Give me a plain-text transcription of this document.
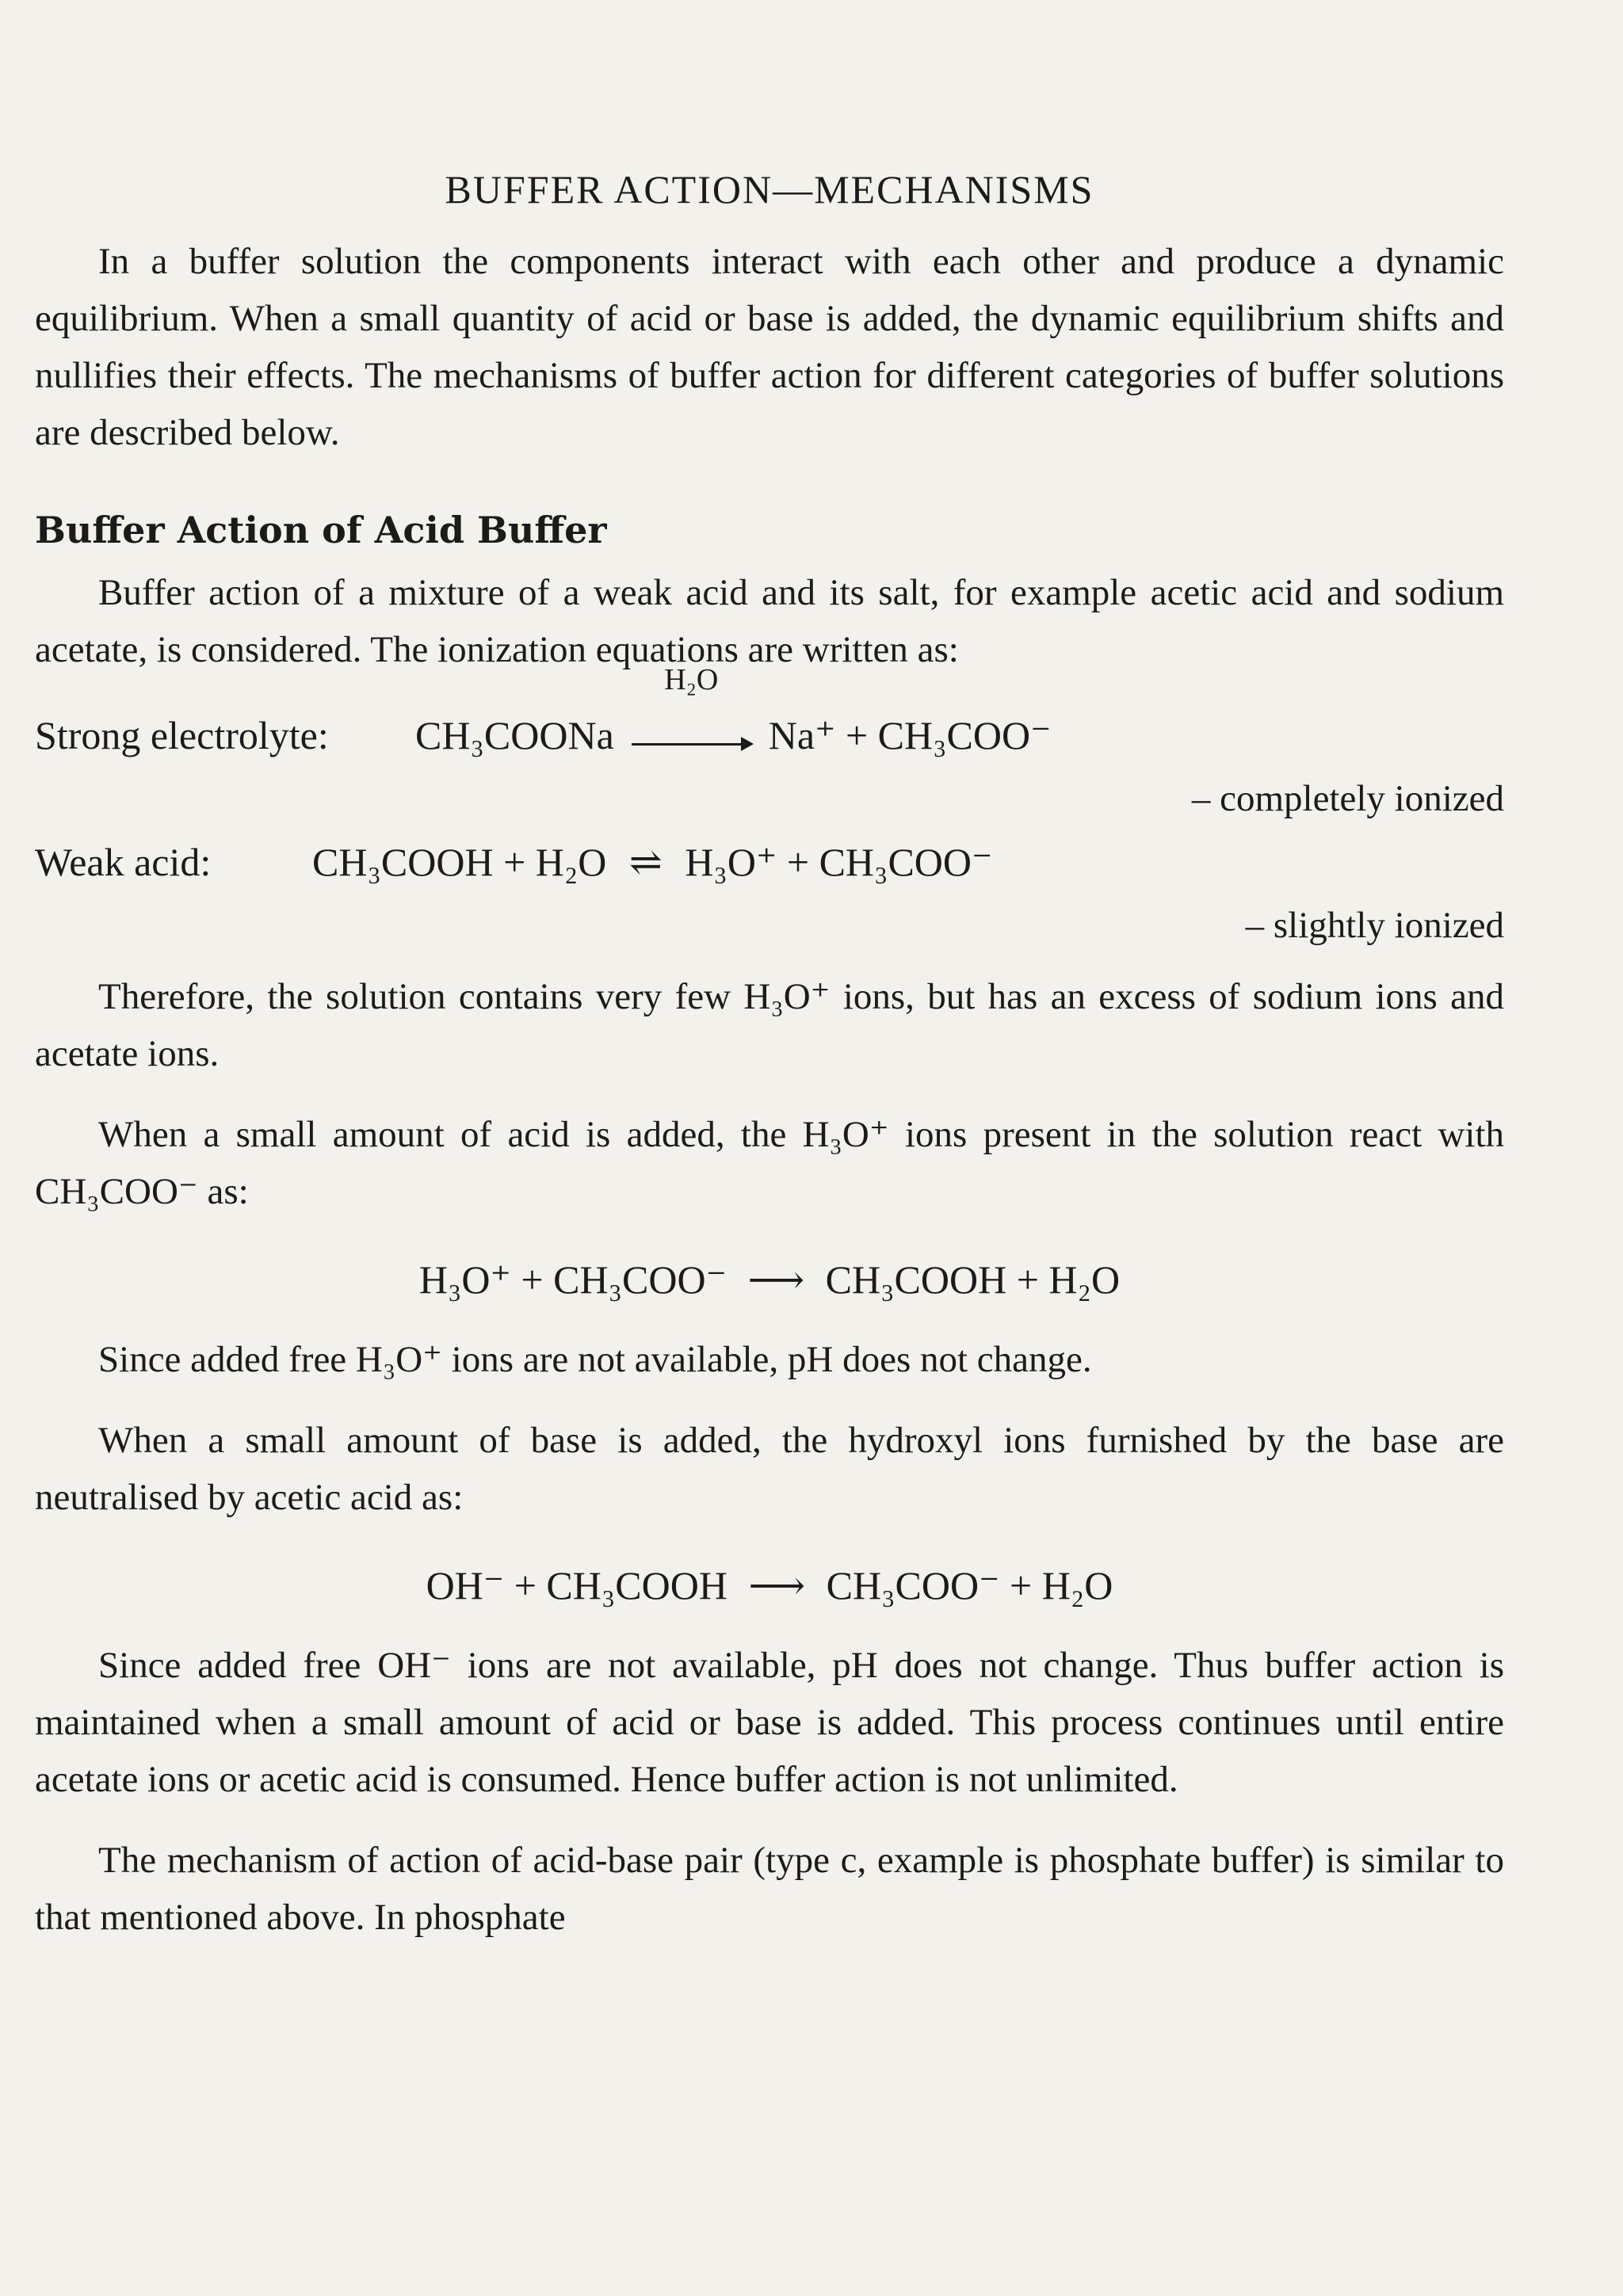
BUFFER ACTION—MECHANISMS

In a buffer solution the components interact with each other and produce a dynamic equilibrium. When a small quantity of acid or base is added, the dynamic equilibrium shifts and nullifies their effects. The mechanisms of buffer action for different categories of buffer solutions are described below.

Buffer Action of Acid Buffer

Buffer action of a mixture of a weak acid and its salt, for example acetic acid and sodium acetate, is considered. The ionization equations are written as:

Strong electrolyte: CH₃COONa
H₂O
Na⁺ + CH₃COO⁻
– completely ionized
Weak acid:	CH₃COOH + H₂O ⇌ H₃O⁺ + CH₃COO⁻
– slightly ionized

Therefore, the solution contains very few H₃O⁺ ions, but has an excess of sodium ions and acetate ions.

When a small amount of acid is added, the H₃O⁺ ions present in the solution react with CH₃COO⁻ as:

H₃O⁺ + CH₃COO⁻ ⟶ CH₃COOH + H₂O

Since added free H₃O⁺ ions are not available, pH does not change.

When a small amount of base is added, the hydroxyl ions furnished by the base are neutralised by acetic acid as:

OH⁻ + CH₃COOH ⟶ CH₃COO⁻ + H₂O

Since added free OH⁻ ions are not available, pH does not change. Thus buffer action is maintained when a small amount of acid or base is added. This process continues until entire acetate ions or acetic acid is consumed. Hence buffer action is not unlimited.

The mechanism of action of acid-base pair (type c, example is phosphate buffer) is similar to that mentioned above. In phosphate
